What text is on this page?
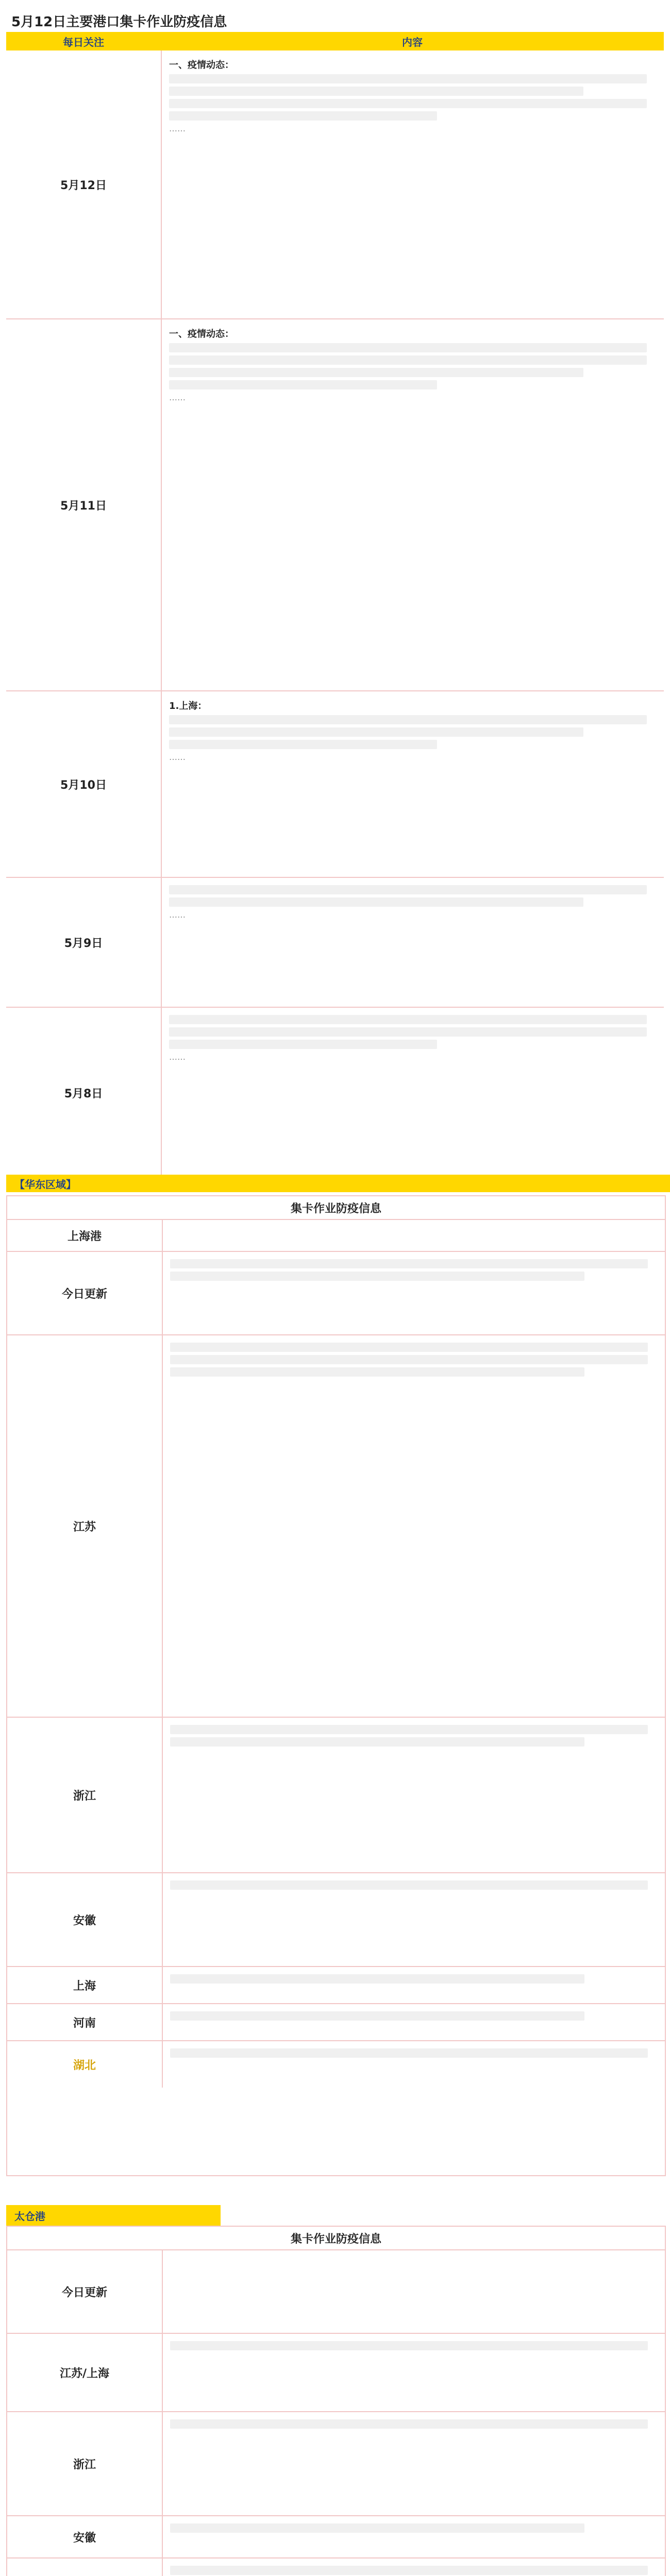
5月12日主要港口集卡作业防疫信息
每日关注	内容
5月12日
一、疫情动态：
……
5月11日
一、疫情动态：
……
5月10日
1.上海：
……
5月9日
……
5月8日
……
【华东区域】
集卡作业防疫信息
上海港
今日更新
江苏
浙江
安徽
上海
河南
湖北
太仓港
集卡作业防疫信息
今日更新
江苏/上海
浙江
安徽
